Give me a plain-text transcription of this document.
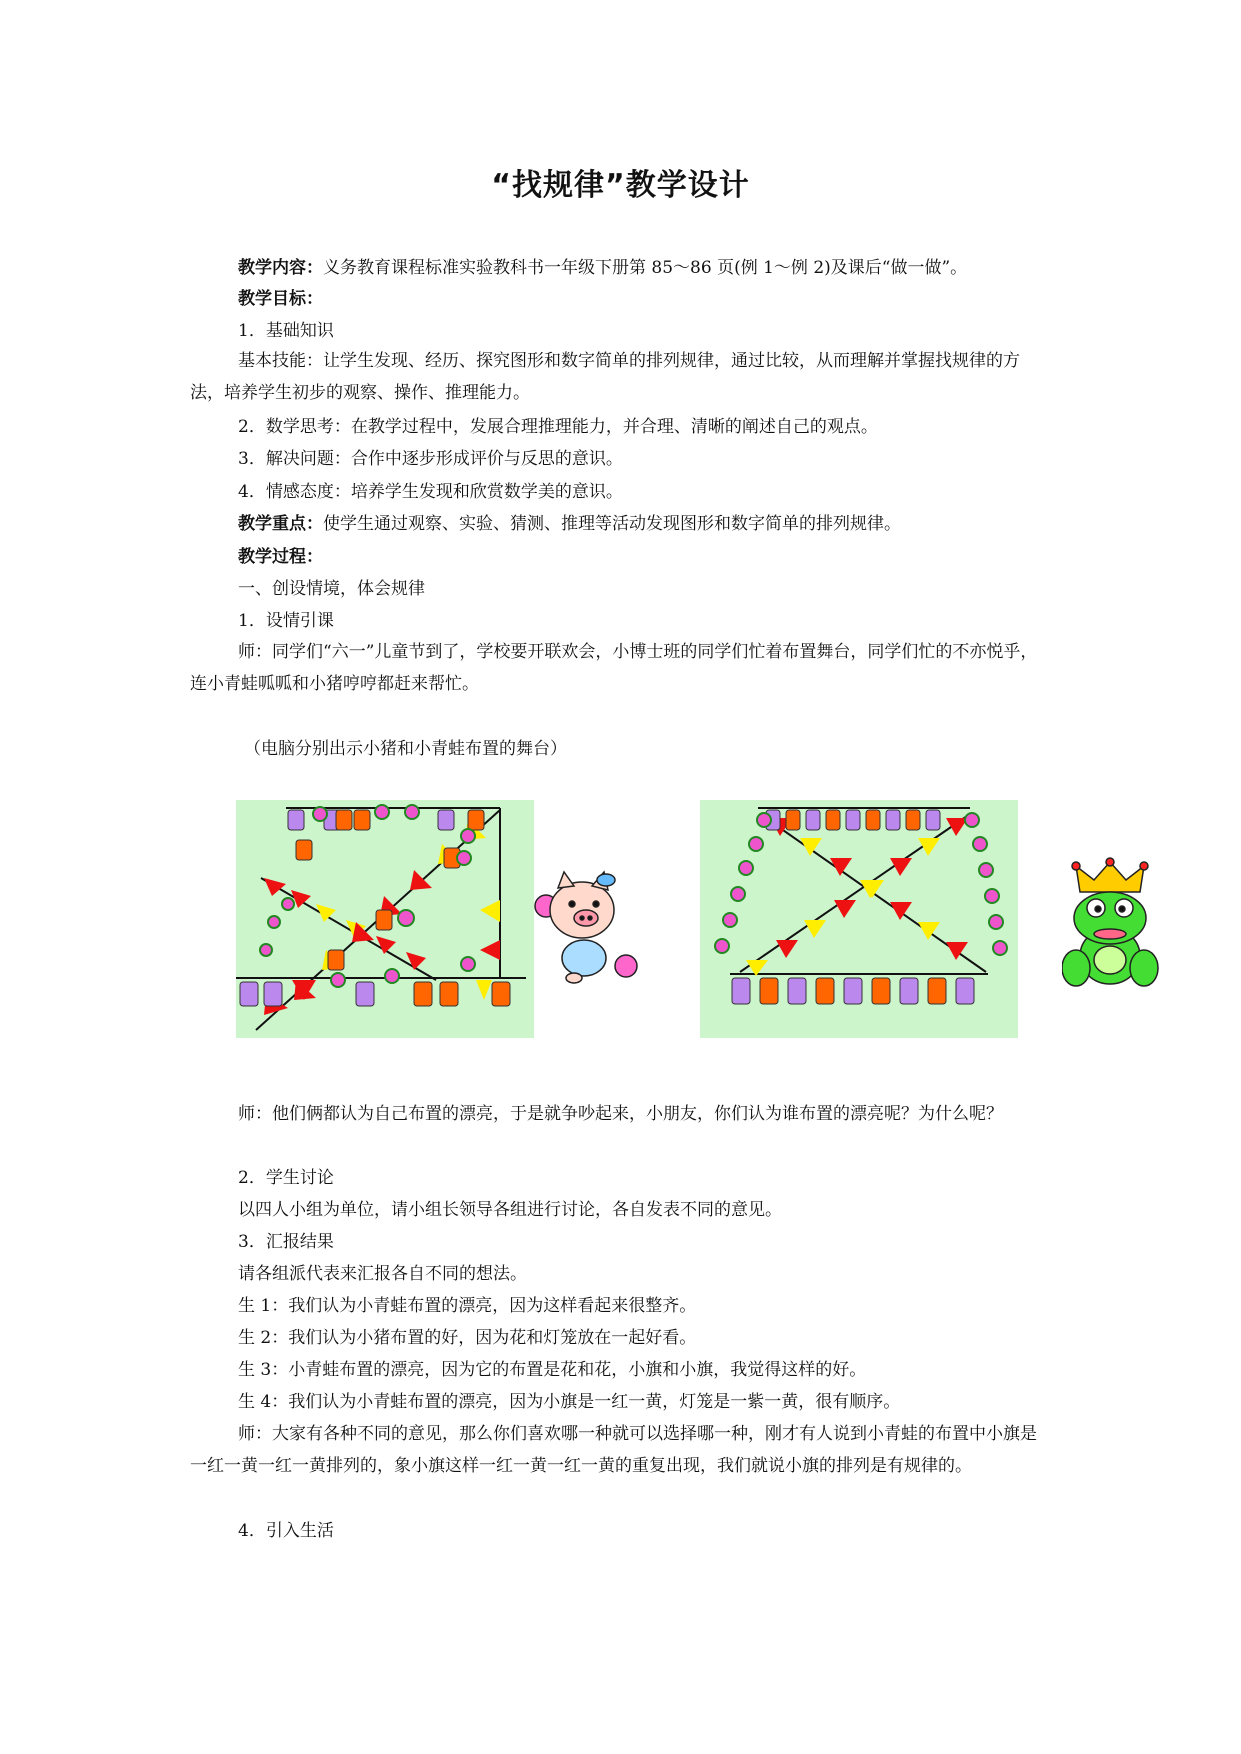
“找规律”教学设计
教学内容：义务教育课程标准实验教科书一年级下册第 85～86 页(例 1～例 2)及课后“做一做”。
教学目标：
1．基础知识
基本技能：让学生发现、经历、探究图形和数字简单的排列规律，通过比较，从而理解并掌握找规律的方法，培养学生初步的观察、操作、推理能力。
2．数学思考：在教学过程中，发展合理推理能力，并合理、清晰的阐述自己的观点。
3．解决问题：合作中逐步形成评价与反思的意识。
4．情感态度：培养学生发现和欣赏数学美的意识。
教学重点：使学生通过观察、实验、猜测、推理等活动发现图形和数字简单的排列规律。
教学过程：
一、创设情境，体会规律
1．设情引课
师：同学们“六一”儿童节到了，学校要开联欢会，小博士班的同学们忙着布置舞台，同学们忙的不亦悦乎，连小青蛙呱呱和小猪哼哼都赶来帮忙。
（电脑分别出示小猪和小青蛙布置的舞台）
师：他们俩都认为自己布置的漂亮，于是就争吵起来，小朋友，你们认为谁布置的漂亮呢？为什么呢？
2．学生讨论
以四人小组为单位，请小组长领导各组进行讨论，各自发表不同的意见。
3．汇报结果
请各组派代表来汇报各自不同的想法。
生 1：我们认为小青蛙布置的漂亮，因为这样看起来很整齐。
生 2：我们认为小猪布置的好，因为花和灯笼放在一起好看。
生 3：小青蛙布置的漂亮，因为它的布置是花和花，小旗和小旗，我觉得这样的好。
生 4：我们认为小青蛙布置的漂亮，因为小旗是一红一黄，灯笼是一紫一黄，很有顺序。
师：大家有各种不同的意见，那么你们喜欢哪一种就可以选择哪一种，刚才有人说到小青蛙的布置中小旗是一红一黄一红一黄排列的，象小旗这样一红一黄一红一黄的重复出现，我们就说小旗的排列是有规律的。
4．引入生活
